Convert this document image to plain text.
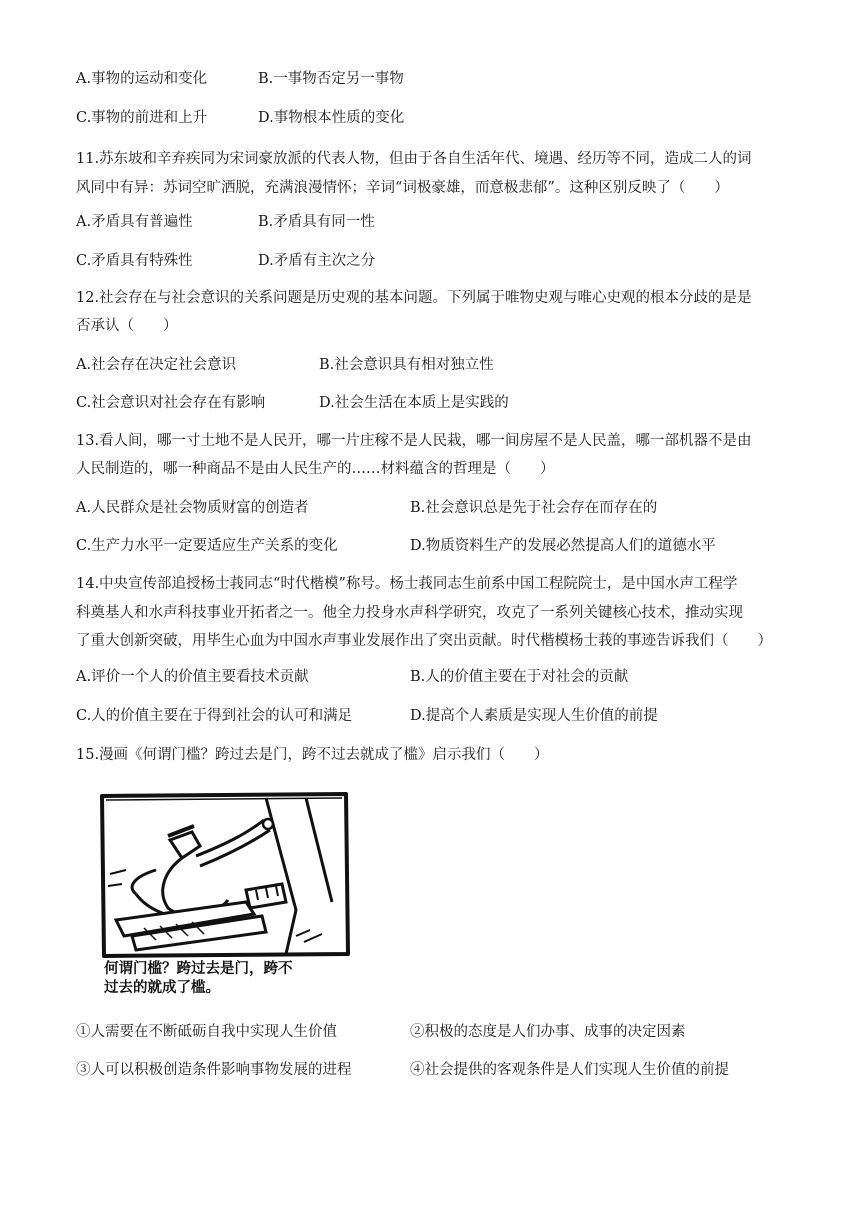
A.事物的运动和变化	B.一事物否定另一事物
C.事物的前进和上升	D.事物根本性质的变化
11.苏东坡和辛弃疾同为宋词豪放派的代表人物，但由于各自生活年代、境遇、经历等不同，造成二人的词
风同中有异：苏词空旷洒脱，充满浪漫情怀；辛词“词极豪雄，而意极悲郁”。这种区别反映了（　　）
A.矛盾具有普遍性	B.矛盾具有同一性
C.矛盾具有特殊性	D.矛盾有主次之分
12.社会存在与社会意识的关系问题是历史观的基本问题。下列属于唯物史观与唯心史观的根本分歧的是是
否承认（　　）
A.社会存在决定社会意识	B.社会意识具有相对独立性
C.社会意识对社会存在有影响	D.社会生活在本质上是实践的
13.看人间，哪一寸土地不是人民开，哪一片庄稼不是人民栽，哪一间房屋不是人民盖，哪一部机器不是由
人民制造的，哪一种商品不是由人民生产的……材料蕴含的哲理是（　　）
A.人民群众是社会物质财富的创造者	B.社会意识总是先于社会存在而存在的
C.生产力水平一定要适应生产关系的变化	D.物质资料生产的发展必然提高人们的道德水平
14.中央宣传部追授杨士莪同志“时代楷模”称号。杨士莪同志生前系中国工程院院士，是中国水声工程学
科奠基人和水声科技事业开拓者之一。他全力投身水声科学研究，攻克了一系列关键核心技术，推动实现
了重大创新突破，用毕生心血为中国水声事业发展作出了突出贡献。时代楷模杨士莪的事迹告诉我们（　　）
A.评价一个人的价值主要看技术贡献	B.人的价值主要在于对社会的贡献
C.人的价值主要在于得到社会的认可和满足	D.提高个人素质是实现人生价值的前提
15.漫画《何谓门槛？跨过去是门，跨不过去就成了槛》启示我们（　　）
何谓门槛？跨过去是门，跨不
过去的就成了槛。
①人需要在不断砥砺自我中实现人生价值	②积极的态度是人们办事、成事的决定因素
③人可以积极创造条件影响事物发展的进程	④社会提供的客观条件是人们实现人生价值的前提
